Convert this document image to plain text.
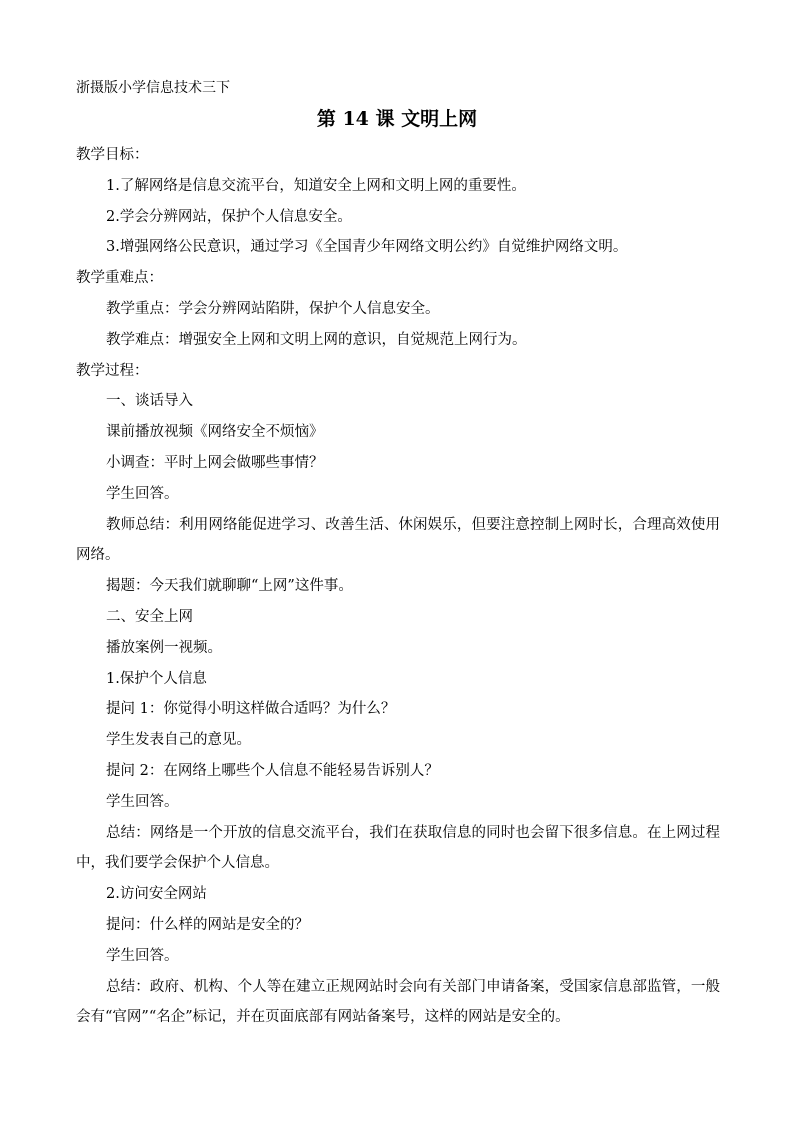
浙摄版小学信息技术三下
第 14 课 文明上网

教学目标：

1.了解网络是信息交流平台，知道安全上网和文明上网的重要性。

2.学会分辨网站，保护个人信息安全。

3.增强网络公民意识，通过学习《全国青少年网络文明公约》自觉维护网络文明。

教学重难点：

教学重点：学会分辨网站陷阱，保护个人信息安全。

教学难点：增强安全上网和文明上网的意识，自觉规范上网行为。

教学过程：

一、谈话导入

课前播放视频《网络安全不烦恼》

小调查：平时上网会做哪些事情？

学生回答。

教师总结：利用网络能促进学习、改善生活、休闲娱乐，但要注意控制上网时长，合理高效使用网络。

揭题：今天我们就聊聊“上网”这件事。

二、安全上网

播放案例一视频。

1.保护个人信息

提问 1：你觉得小明这样做合适吗？为什么？

学生发表自己的意见。

提问 2：在网络上哪些个人信息不能轻易告诉别人？

学生回答。

总结：网络是一个开放的信息交流平台，我们在获取信息的同时也会留下很多信息。在上网过程中，我们要学会保护个人信息。

2.访问安全网站

提问：什么样的网站是安全的？

学生回答。

总结：政府、机构、个人等在建立正规网站时会向有关部门申请备案，受国家信息部监管，一般会有“官网”“名企”标记，并在页面底部有网站备案号，这样的网站是安全的。
